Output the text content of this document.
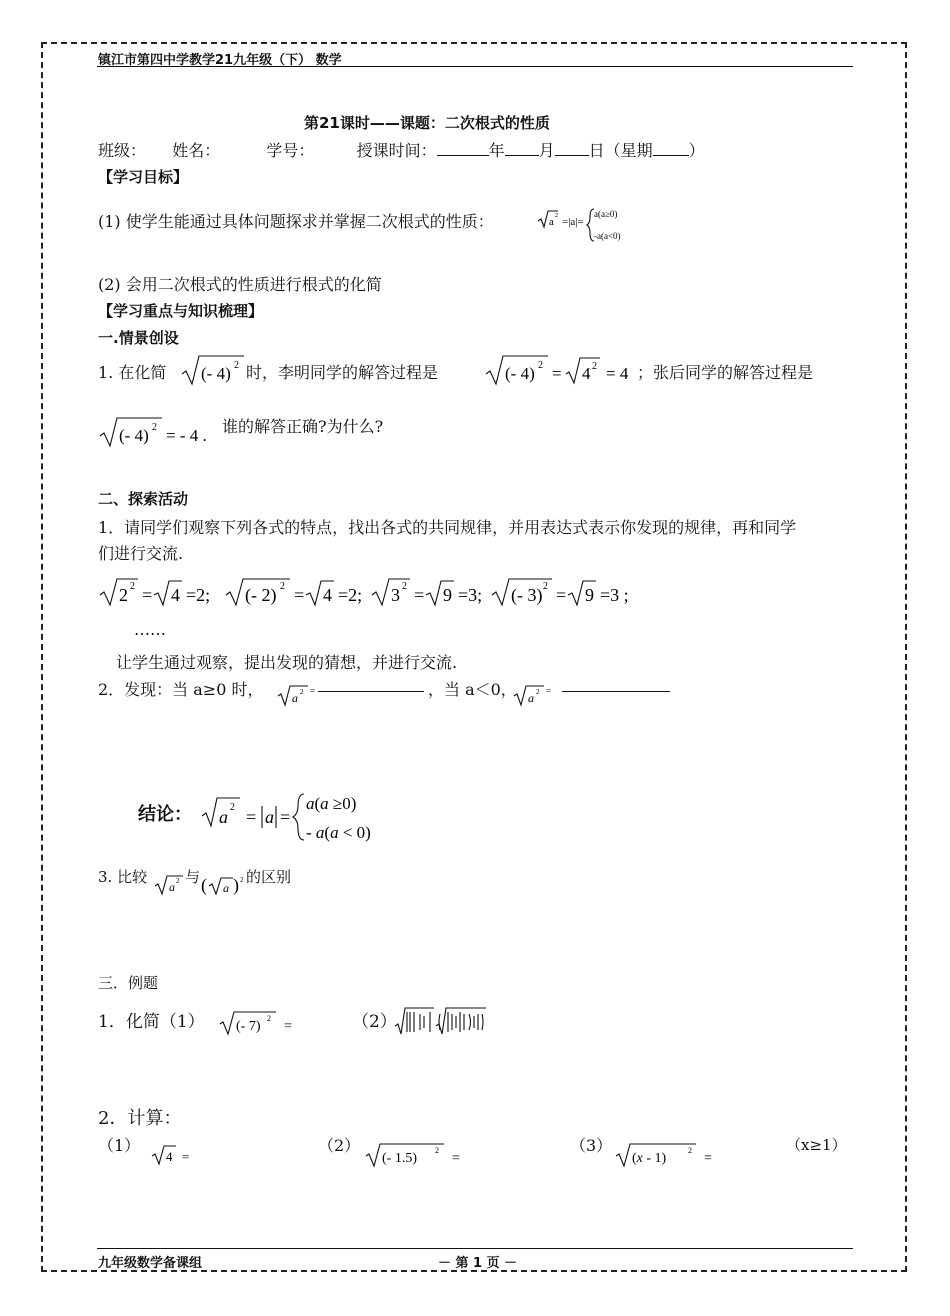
镇江市第四中学教学21九年级（下） 数学
第21课时——课题：二次根式的性质
班级： 姓名：	学号：	授课时间：	年 月 日（星期 ）
【学习目标】
(1) 使学生能通过具体问题探求并掌握二次根式的性质：	a 2 =|a|=
a(a≥0)
-a(a<0)
(2) 会用二次根式的性质进行根式的化简
【学习重点与知识梳理】
一.情景创设
1. 在化简 (- 4) 2 时，李明同学的解答过程是	(- 4) 2 = 4 2 = 4 ；张后同学的解答过程是
(- 4) 2 = - 4 . 谁的解答正确?为什么?
二、探索活动
1．请同学们观察下列各式的特点，找出各式的共同规律，并用表达式表示你发现的规律，再和同学
们进行交流.
2 2 = 4 =2; (- 2) 2 = 4 =2; 3 2 = 9 =3; (- 3) 2 = 9 =3 ;
……
让学生通过观察，提出发现的猜想，并进行交流.
2．发现：当 a≥0 时， a 2 =	，当 a＜0， a 2 =
结论： a 2 = a =
a(a ≥0)
- a(a < 0)
3. 比较
a 2 与 ( a ) 2 的区别
三．例题
1．化简（1） (- 7)
2
=	（2）
2．计算：
（1）
4 =
（2）
(- 1.5)
2
=
（3）
(x - 1)
2
=
（x≥1）
九年级数学备课组	－ 第 1 页 －
